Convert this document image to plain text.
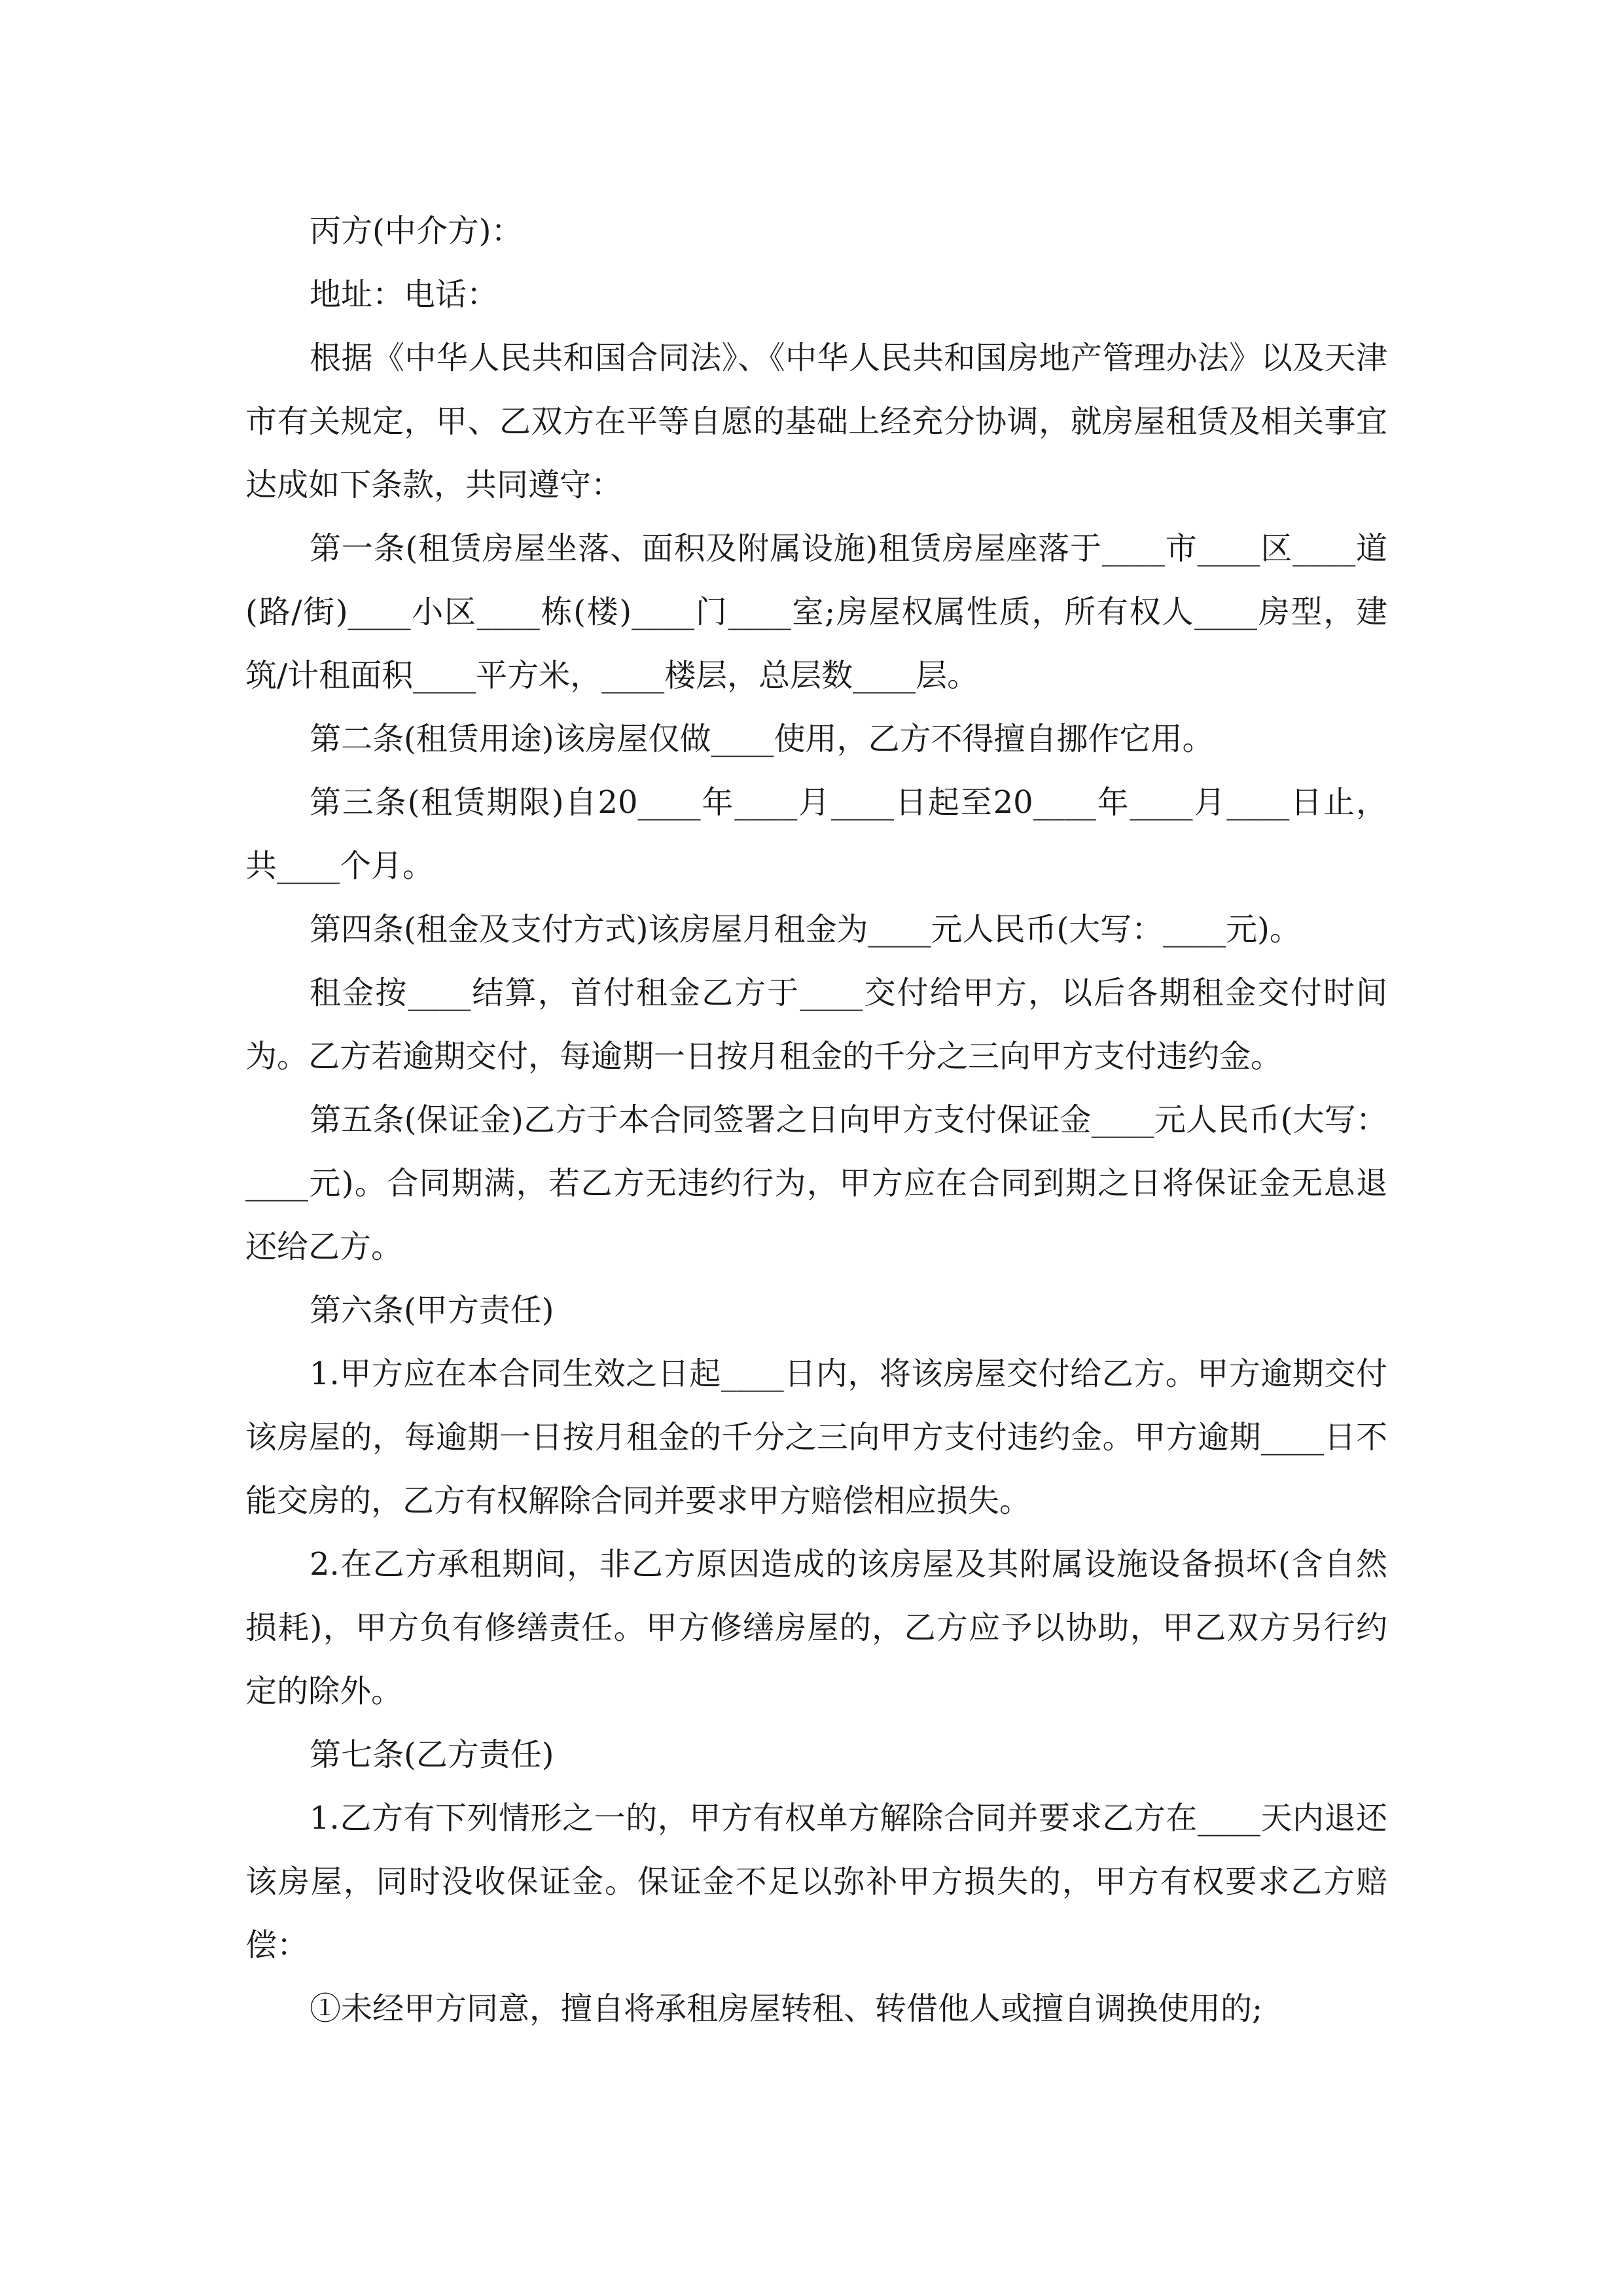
丙方(中介方)：

地址：电话：

根据《中华人民共和国合同法》、《中华人民共和国房地产管理办法》以及天津市有关规定，甲、乙双方在平等自愿的基础上经充分协调，就房屋租赁及相关事宜达成如下条款，共同遵守：

第一条(租赁房屋坐落、面积及附属设施)租赁房屋座落于____市____区____道(路/街)____小区____栋(楼)____门____室;房屋权属性质，所有权人____房型，建筑/计租面积____平方米，____楼层，总层数____层。

第二条(租赁用途)该房屋仅做____使用，乙方不得擅自挪作它用。

第三条(租赁期限)自20____年____月____日起至20____年____月____日止，共____个月。

第四条(租金及支付方式)该房屋月租金为____元人民币(大写：____元)。

租金按____结算，首付租金乙方于____交付给甲方，以后各期租金交付时间为。乙方若逾期交付，每逾期一日按月租金的千分之三向甲方支付违约金。

第五条(保证金)乙方于本合同签署之日向甲方支付保证金____元人民币(大写：____元)。合同期满，若乙方无违约行为，甲方应在合同到期之日将保证金无息退还给乙方。

第六条(甲方责任)

1.甲方应在本合同生效之日起____日内，将该房屋交付给乙方。甲方逾期交付该房屋的，每逾期一日按月租金的千分之三向甲方支付违约金。甲方逾期____日不能交房的，乙方有权解除合同并要求甲方赔偿相应损失。

2.在乙方承租期间，非乙方原因造成的该房屋及其附属设施设备损坏(含自然损耗)，甲方负有修缮责任。甲方修缮房屋的，乙方应予以协助，甲乙双方另行约定的除外。

第七条(乙方责任)

1.乙方有下列情形之一的，甲方有权单方解除合同并要求乙方在____天内退还该房屋，同时没收保证金。保证金不足以弥补甲方损失的，甲方有权要求乙方赔偿：

①未经甲方同意，擅自将承租房屋转租、转借他人或擅自调换使用的;
